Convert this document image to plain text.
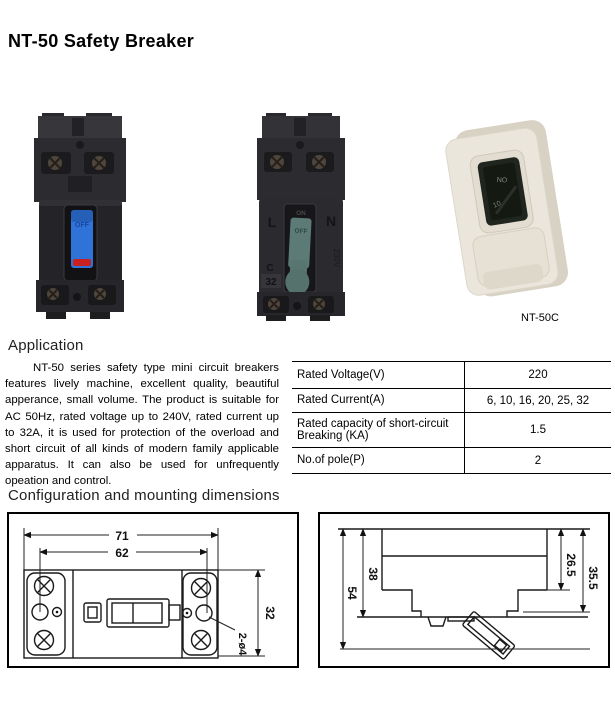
NT-50 Safety Breaker
OFF	L	N
ON
OFF
C
32
230V
ON
10
NT-50C
Application
NT-50 series safety type mini circuit breakers features lively machine, excellent quality, beautiful apperance, small volume. The product is suitable for AC 50Hz, rated voltage up to 240V, rated current up to 32A, it is used for protection of the overload and short circuit of all kinds of modern family applicable apparatus. It can also be used for unfrequently opeation and control.
Rated Voltage(V)	220
Rated Current(A)	6, 10, 16, 20, 25, 32
Rated capacity of short-circuit Breaking (KA)	1.5
No.of pole(P)	2
Configuration and mounting dimensions
71
62
32
2-ø4
54
38	26.5
35.5
